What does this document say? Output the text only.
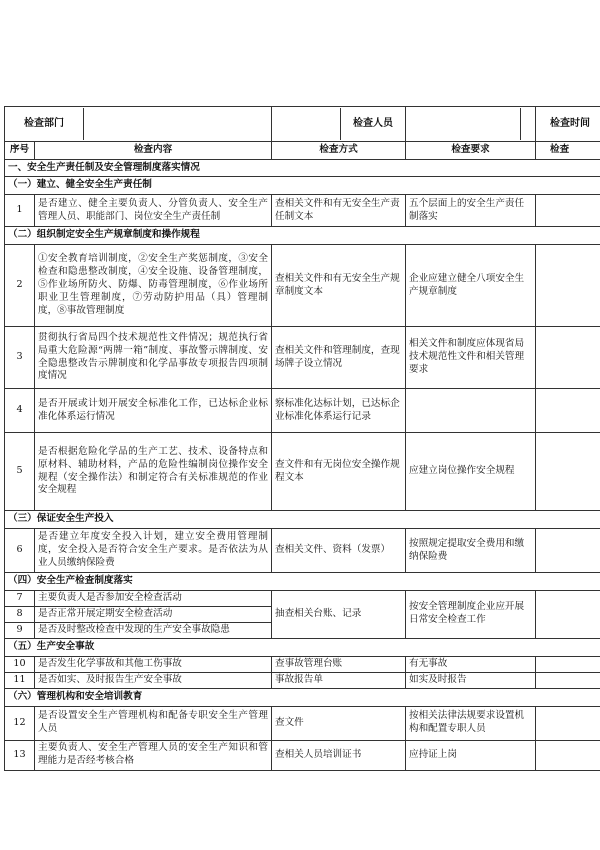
检查部门		检查人员		检查时间
序号	检查内容	检查方式	检查要求	检查
一、安全生产责任制及安全管理制度落实情况				
（一）建立、健全安全生产责任制				
1	是否建立、健全主要负责人、分管负责人、安全生产管理人员、职能部门、岗位安全生产责任制	查相关文件和有无安全生产责任制文本	五个层面上的安全生产责任制落实	
（二）组织制定安全生产规章制度和操作规程				
2	①安全教育培训制度，②安全生产奖惩制度，③安全检查和隐患整改制度，④安全设施、设备管理制度，⑤作业场所防火、防爆、防毒管理制度，⑥作业场所职业卫生管理制度，⑦劳动防护用品（具）管理制度，⑧事故管理制度	查相关文件和有无安全生产规章制度文本	企业应建立健全八项安全生产规章制度	
3	贯彻执行省局四个技术规范性文件情况；规范执行省局重大危险源“两牌一箱”制度、事故警示牌制度、安全隐患整改告示牌制度和化学品事故专项报告四项制度情况	查相关文件和管理制度，查现场牌子设立情况	相关文件和制度应体现省局技术规范性文件和相关管理要求	
4	是否开展或计划开展安全标准化工作，已达标企业标准化体系运行情况	察标准化达标计划，已达标企业标准化体系运行记录		
5	是否根据危险化学品的生产工艺、技术、设备特点和原材料、辅助材料，产品的危险性编制岗位操作安全规程（安全操作法）和制定符合有关标准规范的作业安全规程	查文件和有无岗位安全操作规程文本	应建立岗位操作安全规程	
（三）保证安全生产投入				
6	是否建立年度安全投入计划，建立安全费用管理制度，安全投入是否符合安全生产要求。是否依法为从业人员缴纳保险费	查相关文件、资料（发票）	按照规定提取安全费用和缴纳保险费	
（四）安全生产检查制度落实				
7	主要负责人是否参加安全检查活动	抽查相关台账、记录	按安全管理制度企业应开展日常安全检查工作	
8	是否正常开展定期安全检查活动			
9	是否及时整改检查中发现的生产安全事故隐患			
（五）生产安全事故				
10	是否发生化学事故和其他工伤事故	查事故管理台账	有无事故	
11	是否如实、及时报告生产安全事故	事故报告单	如实及时报告	
（六）管理机构和安全培训教育				
12	是否设置安全生产管理机构和配备专职安全生产管理人员	查文件	按相关法律法规要求设置机构和配置专职人员	
13	主要负责人、安全生产管理人员的安全生产知识和管理能力是否经考核合格	查相关人员培训证书	应持证上岗	
